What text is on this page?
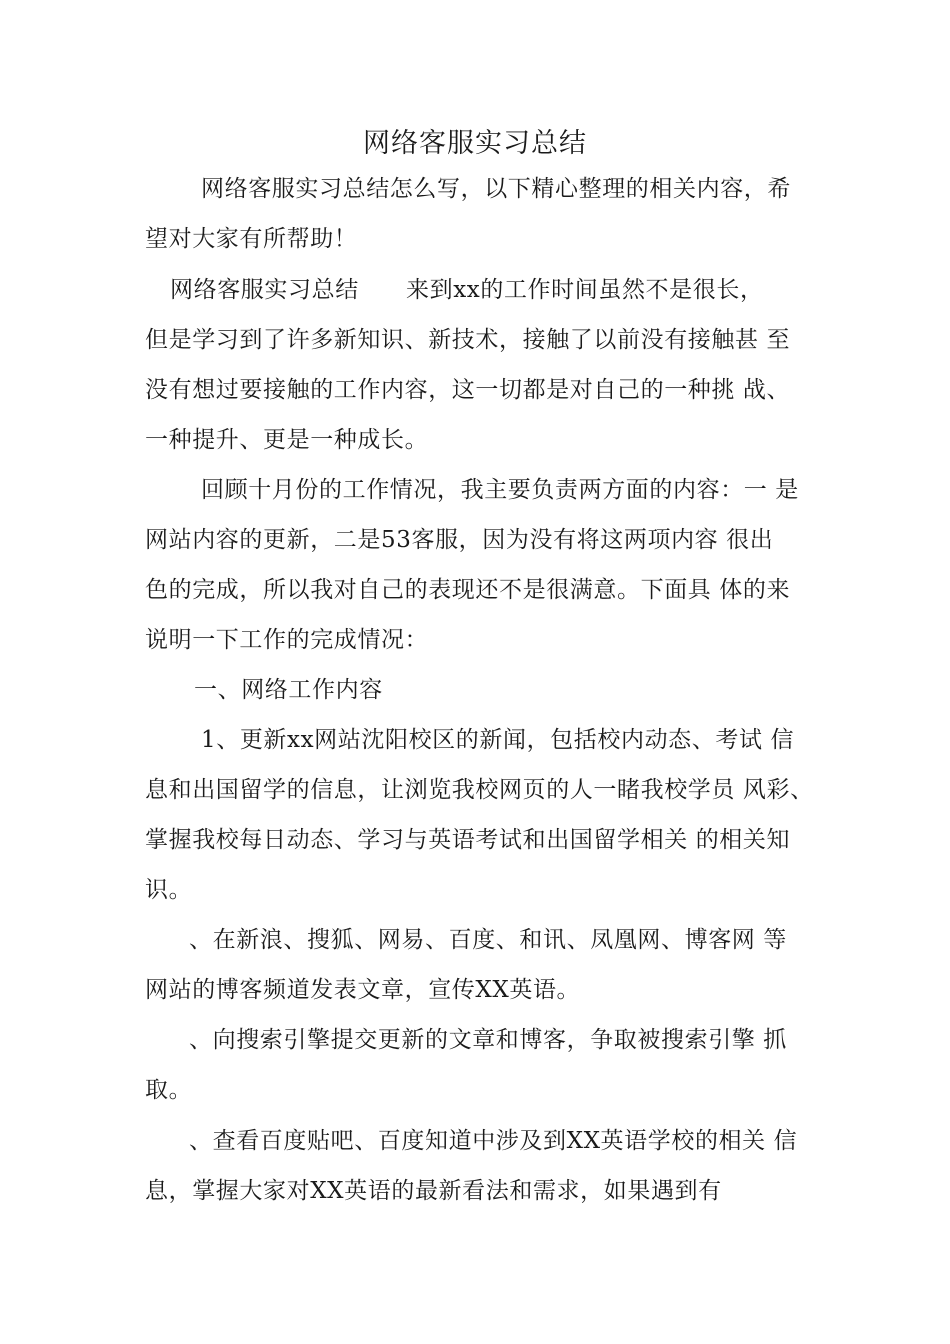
网络客服实习总结
网络客服实习总结怎么写，以下精心整理的相关内容，希
望对大家有所帮助！
网络客服实习总结　　来到xx的工作时间虽然不是很长，
但是学习到了许多新知识、新技术，接触了以前没有接触甚 至
没有想过要接触的工作内容，这一切都是对自己的一种挑 战、
一种提升、更是一种成长。
回顾十月份的工作情况，我主要负责两方面的内容：一 是
网站内容的更新，二是53客服，因为没有将这两项内容 很出
色的完成，所以我对自己的表现还不是很满意。下面具 体的来
说明一下工作的完成情况：
一、网络工作内容
1、更新xx网站沈阳校区的新闻，包括校内动态、考试 信
息和出国留学的信息，让浏览我校网页的人一睹我校学员 风彩、
掌握我校每日动态、学习与英语考试和出国留学相关 的相关知
识。
、在新浪、搜狐、网易、百度、和讯、凤凰网、博客网 等
网站的博客频道发表文章，宣传XX英语。
、向搜索引擎提交更新的文章和博客，争取被搜索引擎 抓
取。
、查看百度贴吧、百度知道中涉及到XX英语学校的相关 信
息，掌握大家对XX英语的最新看法和需求，如果遇到有
